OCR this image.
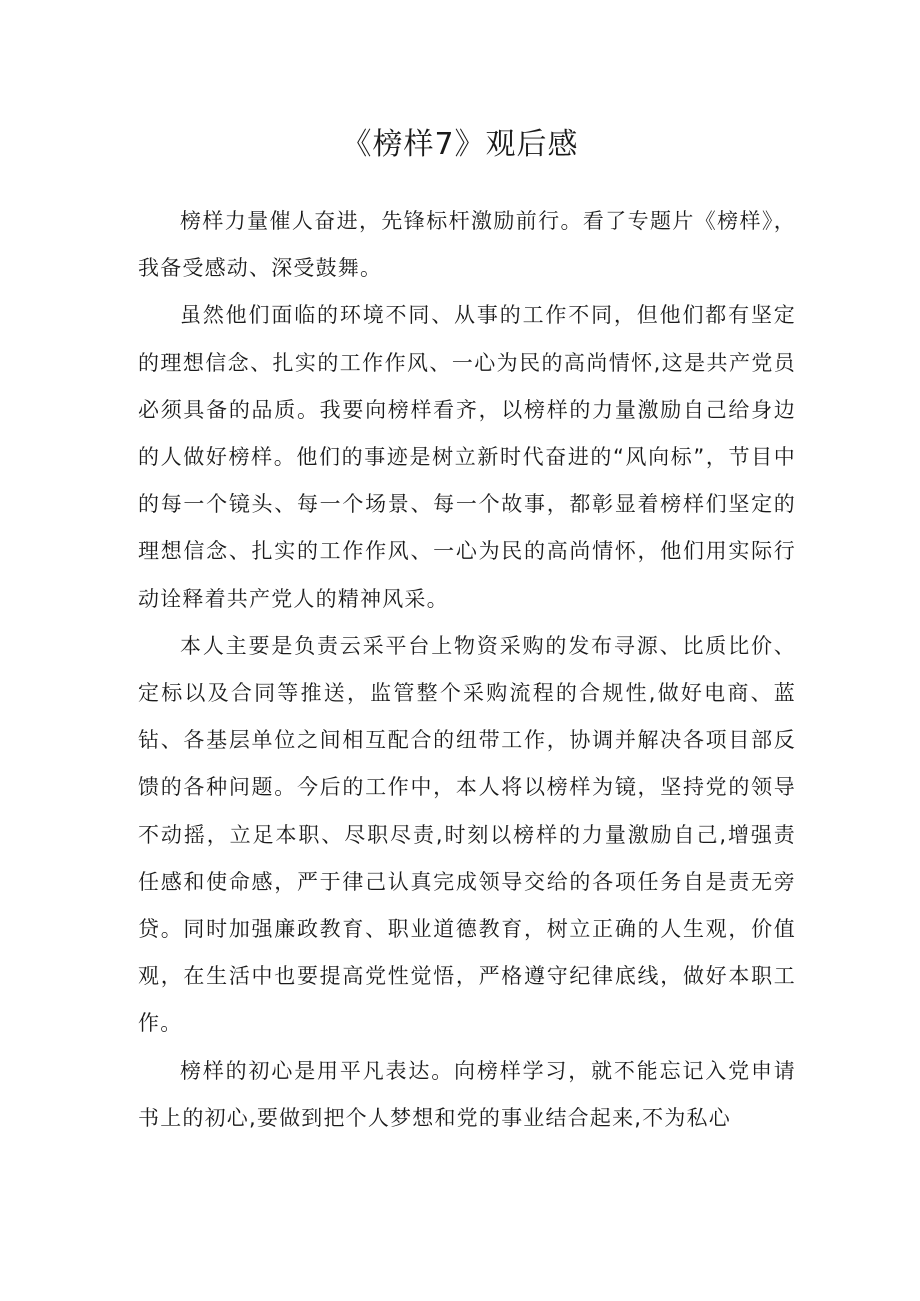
《榜样7》观后感

榜样力量催人奋进，先锋标杆激励前行。看了专题片《榜样》，我备受感动、深受鼓舞。

虽然他们面临的环境不同、从事的工作不同，但他们都有坚定的理想信念、扎实的工作作风、一心为民的高尚情怀,这是共产党员必须具备的品质。我要向榜样看齐，以榜样的力量激励自己给身边的人做好榜样。他们的事迹是树立新时代奋进的“风向标”，节目中的每一个镜头、每一个场景、每一个故事，都彰显着榜样们坚定的理想信念、扎实的工作作风、一心为民的高尚情怀，他们用实际行动诠释着共产党人的精神风采。

本人主要是负责云采平台上物资采购的发布寻源、比质比价、定标以及合同等推送，监管整个采购流程的合规性,做好电商、蓝钻、各基层单位之间相互配合的纽带工作，协调并解决各项目部反馈的各种问题。今后的工作中，本人将以榜样为镜，坚持党的领导不动摇，立足本职、尽职尽责,时刻以榜样的力量激励自己,增强责任感和使命感，严于律己认真完成领导交给的各项任务自是责无旁贷。同时加强廉政教育、职业道德教育，树立正确的人生观，价值观，在生活中也要提高党性觉悟，严格遵守纪律底线，做好本职工作。

榜样的初心是用平凡表达。向榜样学习，就不能忘记入党申请书上的初心,要做到把个人梦想和党的事业结合起来,不为私心
